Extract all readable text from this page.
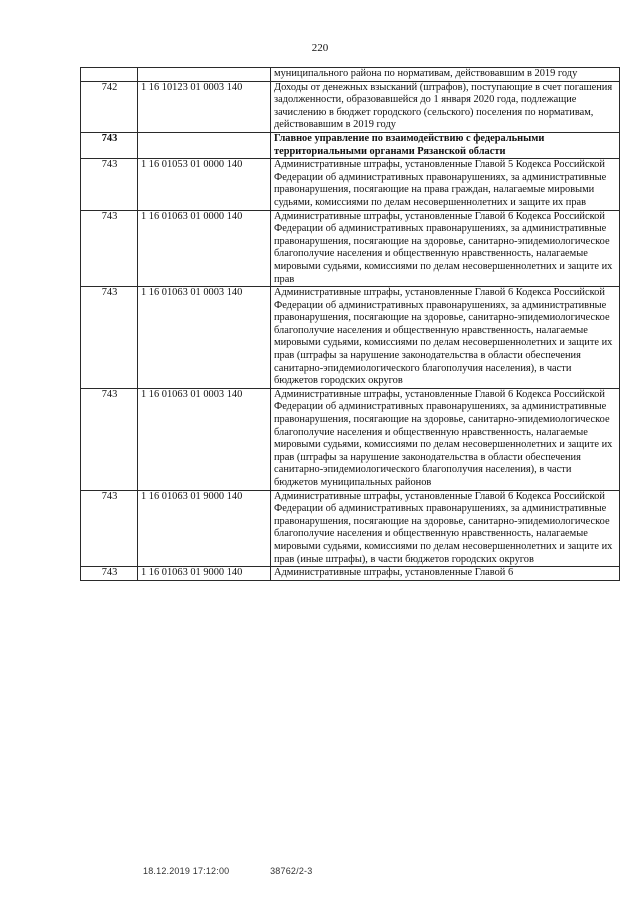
220
		муниципального района по нормативам, действовавшим в 2019 году
742	1 16 10123 01 0003 140	Доходы от денежных взысканий (штрафов), поступающие в счет погашения задолженности, образовавшейся до 1 января 2020 года, подлежащие зачислению в бюджет городского (сельского) поселения по нормативам, действовавшим в 2019 году
743		Главное управление по взаимодействию с федеральными территориальными органами Рязанской области
743	1 16 01053 01 0000 140	Административные штрафы, установленные Главой 5 Кодекса Российской Федерации об административных правонарушениях, за административные правонарушения, посягающие на права граждан, налагаемые мировыми судьями, комиссиями по делам несовершеннолетних и защите их прав
743	1 16 01063 01 0000 140	Административные штрафы, установленные Главой 6 Кодекса Российской Федерации об административных правонарушениях, за административные правонарушения, посягающие на здоровье, санитарно-эпидемиологическое благополучие населения и общественную нравственность, налагаемые мировыми судьями, комиссиями по делам несовершеннолетних и защите их прав
743	1 16 01063 01 0003 140	Административные штрафы, установленные Главой 6 Кодекса Российской Федерации об административных правонарушениях, за административные правонарушения, посягающие на здоровье, санитарно-эпидемиологическое благополучие населения и общественную нравственность, налагаемые мировыми судьями, комиссиями по делам несовершеннолетних и защите их прав (штрафы за нарушение законодательства в области обеспечения санитарно-эпидемиологического благополучия населения), в части бюджетов городских округов
743	1 16 01063 01 0003 140	Административные штрафы, установленные Главой 6 Кодекса Российской Федерации об административных правонарушениях, за административные правонарушения, посягающие на здоровье, санитарно-эпидемиологическое благополучие населения и общественную нравственность, налагаемые мировыми судьями, комиссиями по делам несовершеннолетних и защите их прав (штрафы за нарушение законодательства в области обеспечения санитарно-эпидемиологического благополучия населения), в части бюджетов муниципальных районов
743	1 16 01063 01 9000 140	Административные штрафы, установленные Главой 6 Кодекса Российской Федерации об административных правонарушениях, за административные правонарушения, посягающие на здоровье, санитарно-эпидемиологическое благополучие населения и общественную нравственность, налагаемые мировыми судьями, комиссиями по делам несовершеннолетних и защите их прав (иные штрафы), в части бюджетов городских округов
743	1 16 01063 01 9000 140	Административные штрафы, установленные Главой 6
18.12.2019 17:12:00	38762/2-3
